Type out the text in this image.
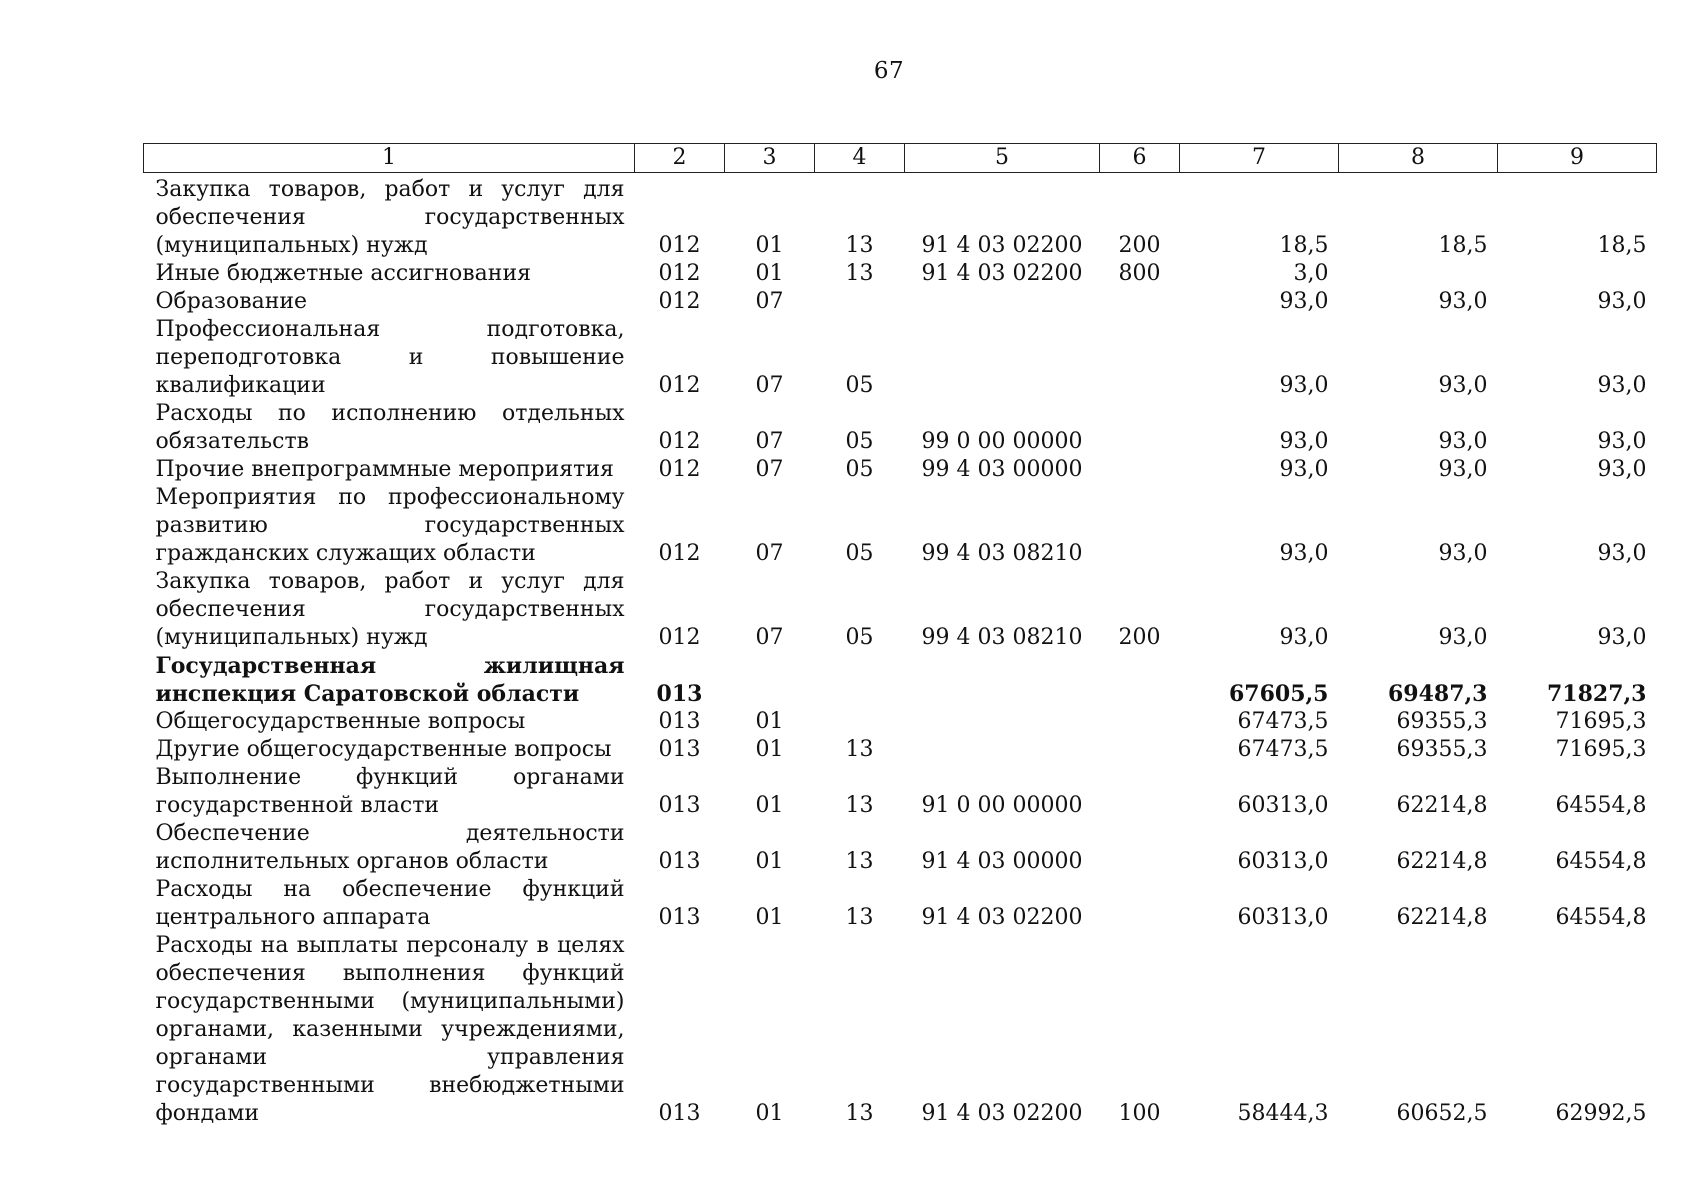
67
1	2	3	4	5	6	7	8	9
Закупка товаров, работ и услуг для обеспечения государственных (муниципальных) нужд	012	01	13	91 4 03 02200	200	18,5	18,5	18,5
Иные бюджетные ассигнования	012	01	13	91 4 03 02200	800	3,0		
Образование	012	07				93,0	93,0	93,0
Профессиональная подготовка, переподготовка и повышение квалификации	012	07	05			93,0	93,0	93,0
Расходы по исполнению отдельных обязательств	012	07	05	99 0 00 00000		93,0	93,0	93,0
Прочие внепрограммные мероприятия	012	07	05	99 4 03 00000		93,0	93,0	93,0
Мероприятия по профессиональному развитию государственных гражданских служащих области	012	07	05	99 4 03 08210		93,0	93,0	93,0
Закупка товаров, работ и услуг для обеспечения государственных (муниципальных) нужд	012	07	05	99 4 03 08210	200	93,0	93,0	93,0
Государственная жилищная инспекция Саратовской области	013					67605,5	69487,3	71827,3
Общегосударственные вопросы	013	01				67473,5	69355,3	71695,3
Другие общегосударственные вопросы	013	01	13			67473,5	69355,3	71695,3
Выполнение функций органами государственной власти	013	01	13	91 0 00 00000		60313,0	62214,8	64554,8
Обеспечение деятельности исполнительных органов области	013	01	13	91 4 03 00000		60313,0	62214,8	64554,8
Расходы на обеспечение функций центрального аппарата	013	01	13	91 4 03 02200		60313,0	62214,8	64554,8
Расходы на выплаты персоналу в целях обеспечения выполнения функций государственными (муниципальными) органами, казенными учреждениями, органами управления государственными внебюджетными фондами	013	01	13	91 4 03 02200	100	58444,3	60652,5	62992,5
